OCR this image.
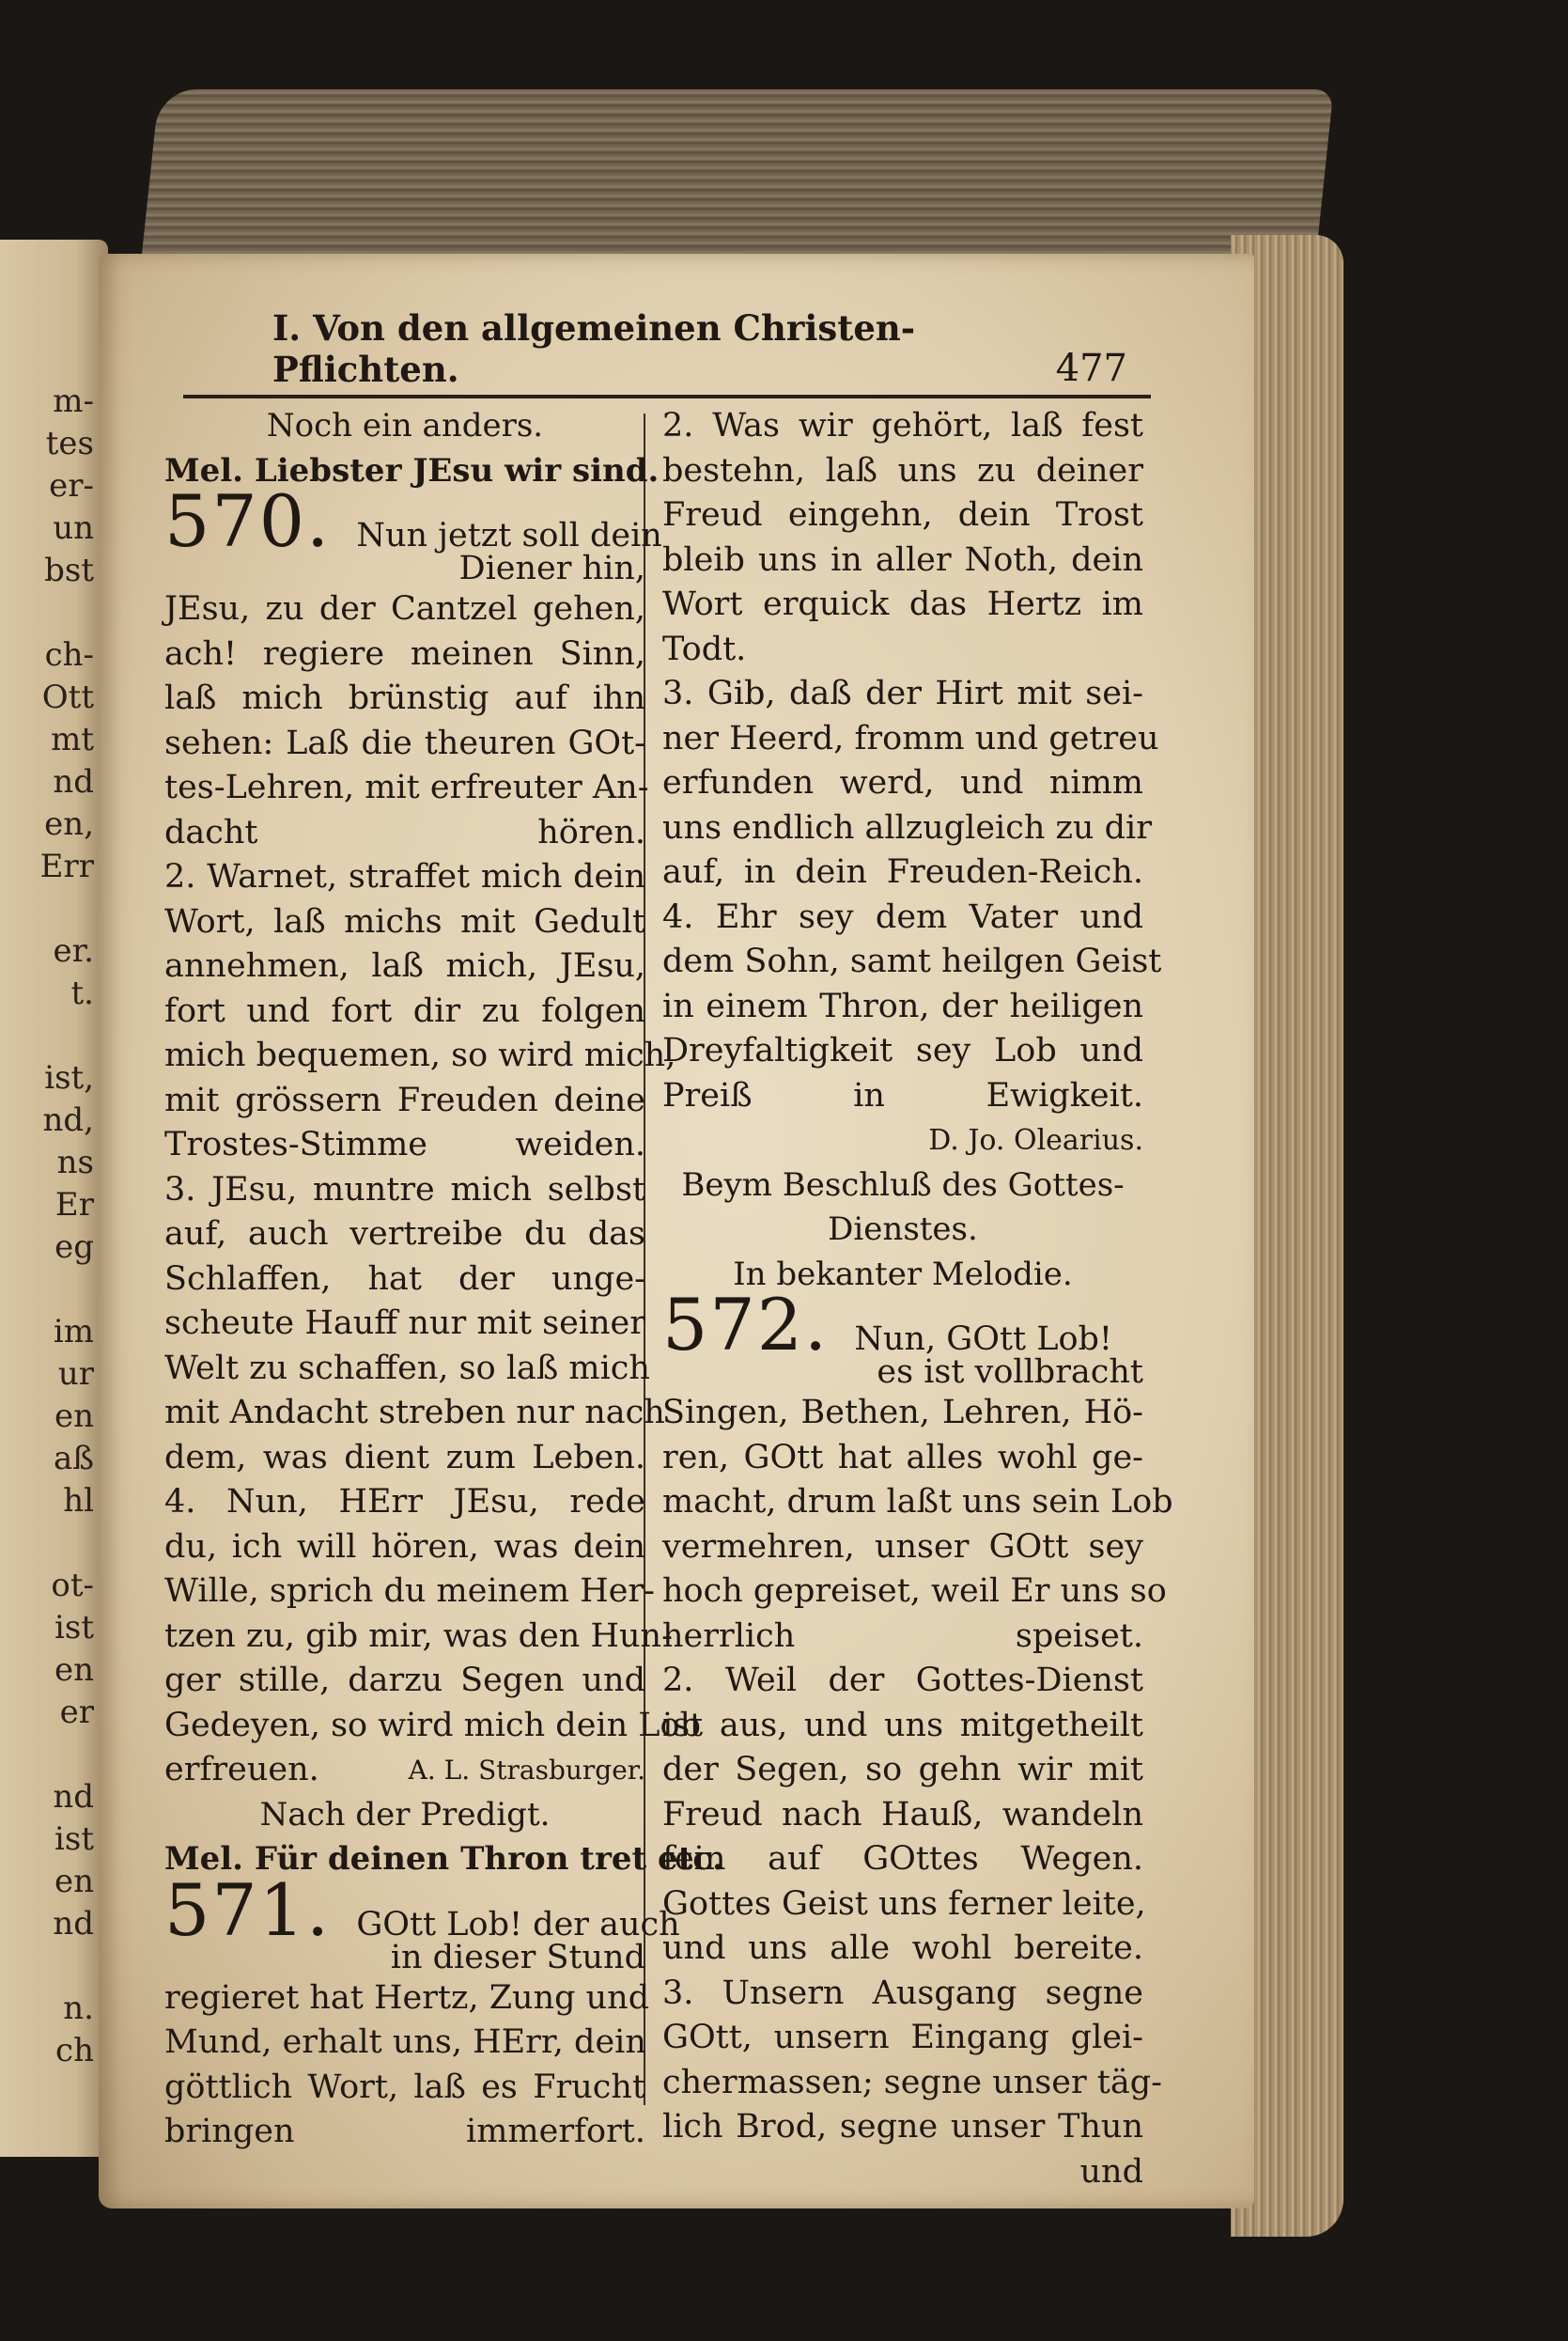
m-
tes
er-
un
bst
ch-
Ott
mt
nd
en,
Err
er.
t.
ist,
nd,
ns
Er
eg
im
ur
en
aß
hl
ot-
ist
en
er
nd
ist
en
nd
n.
ch
I. Von den allgemeinen Christen-Pflichten.	477
Noch ein anders.
Mel. Liebster JEsu wir sind.
570. Nun jetzt soll dein
Diener hin,
JEsu, zu der Cantzel gehen,
ach! regiere meinen Sinn,
laß mich brünstig auf ihn
sehen: Laß die theuren GOt-
tes-Lehren, mit erfreuter An-
dacht hören.
2. Warnet, straffet mich dein
Wort, laß michs mit Gedult
annehmen, laß mich, JEsu,
fort und fort dir zu folgen
mich bequemen, so wird mich,
mit grössern Freuden deine
Trostes-Stimme weiden.
3. JEsu, muntre mich selbst
auf, auch vertreibe du das
Schlaffen, hat der unge-
scheute Hauff nur mit seiner
Welt zu schaffen, so laß mich
mit Andacht streben nur nach
dem, was dient zum Leben.
4. Nun, HErr JEsu, rede
du, ich will hören, was dein
Wille, sprich du meinem Her-
tzen zu, gib mir, was den Hun-
ger stille, darzu Segen und
Gedeyen, so wird mich dein Lob
erfreuen.	A. L. Strasburger.
Nach der Predigt.
Mel. Für deinen Thron tret etc.
571. GOtt Lob! der auch
in dieser Stund
regieret hat Hertz, Zung und
Mund, erhalt uns, HErr, dein
göttlich Wort, laß es Frucht
bringen immerfort.
2. Was wir gehört, laß fest
bestehn, laß uns zu deiner
Freud eingehn, dein Trost
bleib uns in aller Noth, dein
Wort erquick das Hertz im
Todt.
3. Gib, daß der Hirt mit sei-
ner Heerd, fromm und getreu
erfunden werd, und nimm
uns endlich allzugleich zu dir
auf, in dein Freuden-Reich.
4. Ehr sey dem Vater und
dem Sohn, samt heilgen Geist
in einem Thron, der heiligen
Dreyfaltigkeit sey Lob und
Preiß in Ewigkeit.
D. Jo. Olearius.
Beym Beschluß des Gottes-
Dienstes.
In bekanter Melodie.
572. Nun, GOtt Lob!
es ist vollbracht
Singen, Bethen, Lehren, Hö-
ren, GOtt hat alles wohl ge-
macht, drum laßt uns sein Lob
vermehren, unser GOtt sey
hoch gepreiset, weil Er uns so
herrlich speiset.
2. Weil der Gottes-Dienst
ist aus, und uns mitgetheilt
der Segen, so gehn wir mit
Freud nach Hauß, wandeln
fein auf GOttes Wegen.
Gottes Geist uns ferner leite,
und uns alle wohl bereite.
3. Unsern Ausgang segne
GOtt, unsern Eingang glei-
chermassen; segne unser täg-
lich Brod, segne unser Thun
und
